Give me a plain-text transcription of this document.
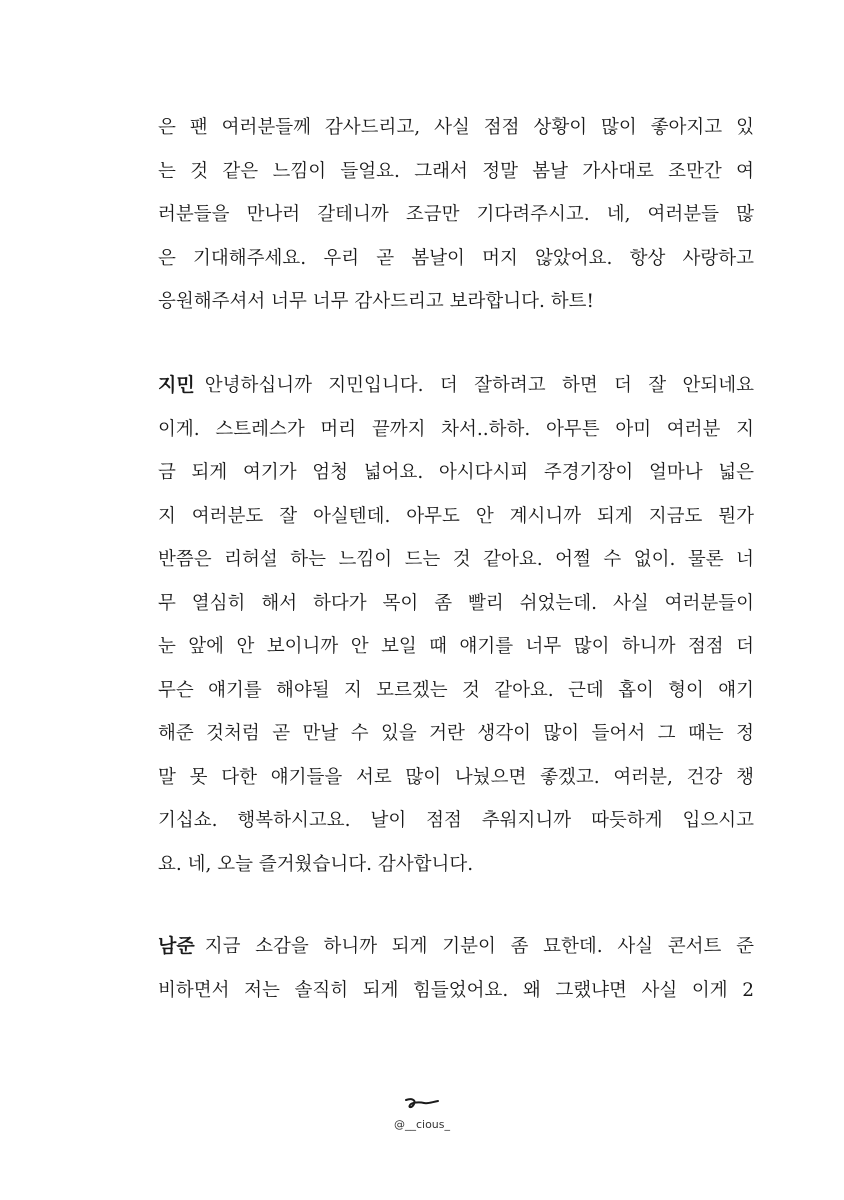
은 팬 여러분들께 감사드리고, 사실 점점 상황이 많이 좋아지고 있
는 것 같은 느낌이 들얼요. 그래서 정말 봄날 가사대로 조만간 여
러분들을 만나러 갈테니까 조금만 기다려주시고. 네, 여러분들 많
은 기대해주세요. 우리 곧 봄날이 머지 않았어요. 항상 사랑하고
응원해주셔서 너무 너무 감사드리고 보라합니다. 하트!
지민 안녕하십니까 지민입니다. 더 잘하려고 하면 더 잘 안되네요
이게. 스트레스가 머리 끝까지 차서..하하. 아무튼 아미 여러분 지
금 되게 여기가 엄청 넓어요. 아시다시피 주경기장이 얼마나 넓은
지 여러분도 잘 아실텐데. 아무도 안 계시니까 되게 지금도 뭔가
반쯤은 리허설 하는 느낌이 드는 것 같아요. 어쩔 수 없이. 물론 너
무 열심히 해서 하다가 목이 좀 빨리 쉬었는데. 사실 여러분들이
눈 앞에 안 보이니까 안 보일 때 얘기를 너무 많이 하니까 점점 더
무슨 얘기를 해야될 지 모르겠는 것 같아요. 근데 홉이 형이 얘기
해준 것처럼 곧 만날 수 있을 거란 생각이 많이 들어서 그 때는 정
말 못 다한 얘기들을 서로 많이 나눴으면 좋겠고. 여러분, 건강 챙
기십쇼. 행복하시고요. 날이 점점 추워지니까 따듯하게 입으시고
요. 네, 오늘 즐거웠습니다. 감사합니다.
남준 지금 소감을 하니까 되게 기분이 좀 묘한데. 사실 콘서트 준
비하면서 저는 솔직히 되게 힘들었어요. 왜 그랬냐면 사실 이게 2
@__cious_
